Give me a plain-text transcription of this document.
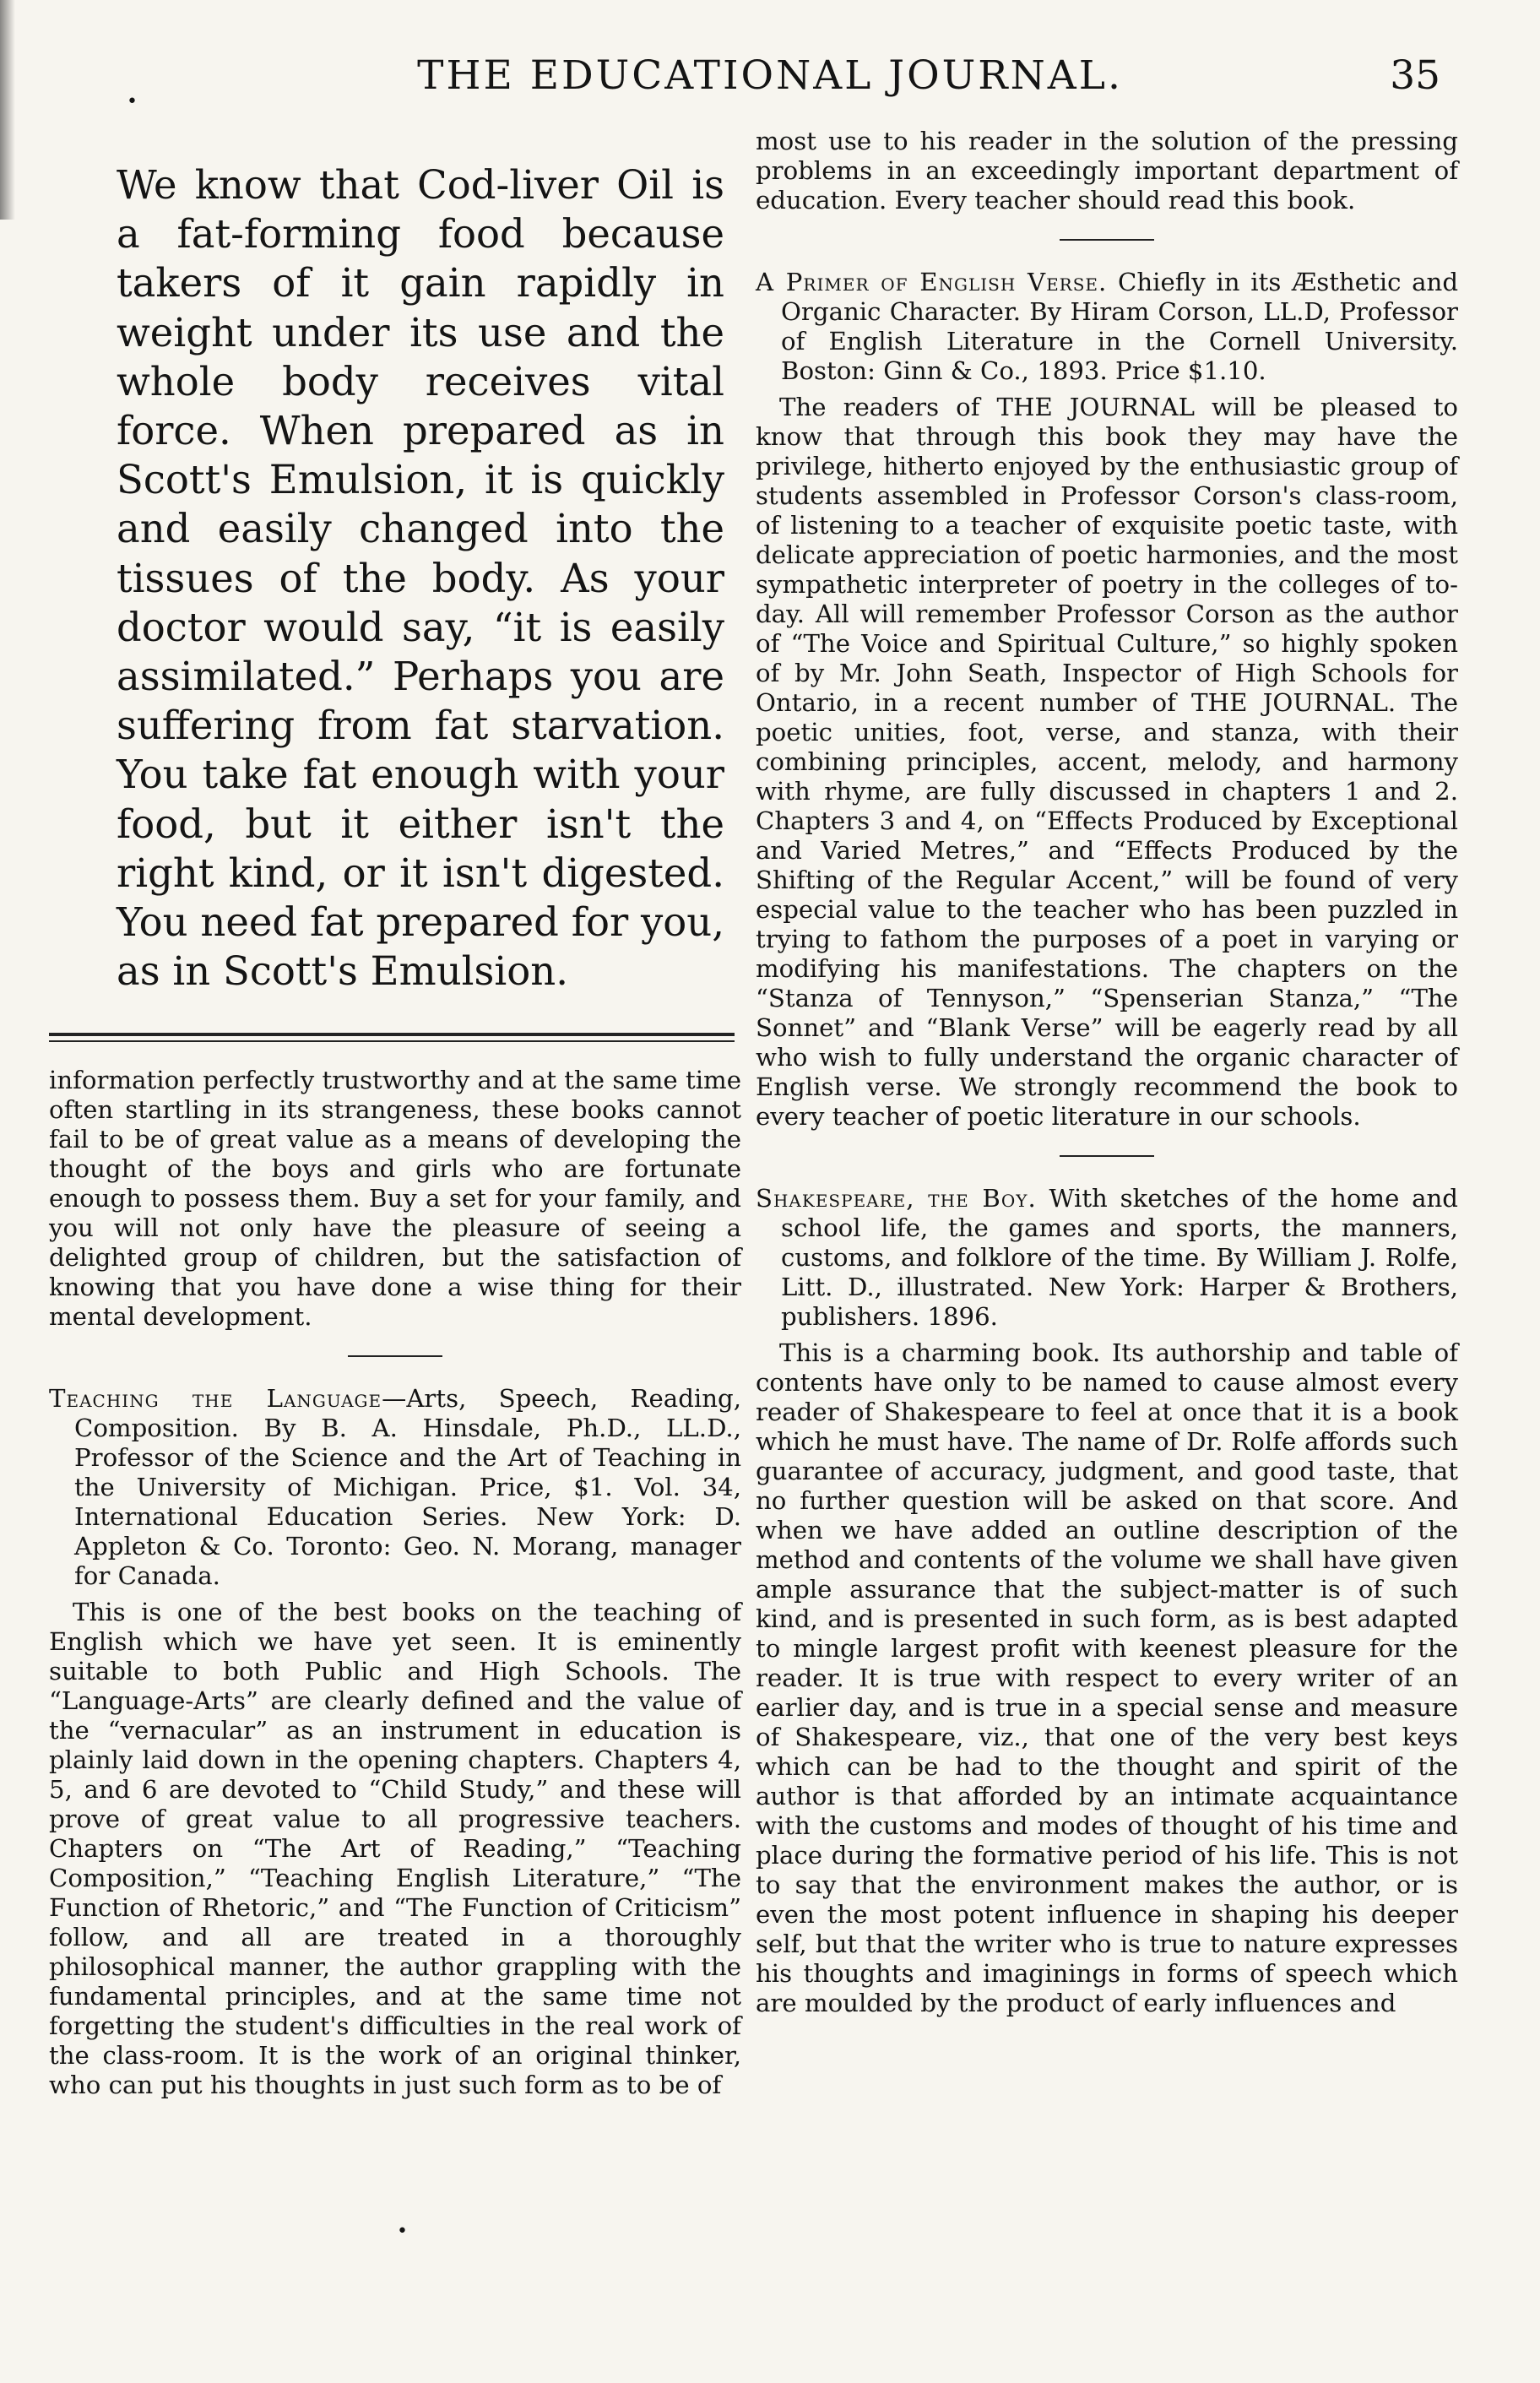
THE EDUCATIONAL JOURNAL.	35
•
•

We know that Cod-liver Oil is a fat-forming food because takers of it gain rapidly in weight under its use and the whole body receives vital force. When prepared as in Scott's Emulsion, it is quickly and easily changed into the tissues of the body. As your doctor would say, “it is easily assimilated.” Perhaps you are suffering from fat starvation. You take fat enough with your food, but it either isn't the right kind, or it isn't digested. You need fat prepared for you, as in Scott's Emulsion.

information perfectly trustworthy and at the same time often startling in its strangeness, these books cannot fail to be of great value as a means of developing the thought of the boys and girls who are fortunate enough to possess them. Buy a set for your family, and you will not only have the pleasure of seeing a delighted group of children, but the satisfaction of knowing that you have done a wise thing for their mental development.

Teaching the Language—Arts, Speech, Reading, Composition. By B. A. Hinsdale, Ph.D., LL.D., Professor of the Science and the Art of Teaching in the University of Michigan. Price, $1. Vol. 34, International Education Series. New York: D. Appleton & Co. Toronto: Geo. N. Morang, manager for Canada.

This is one of the best books on the teaching of English which we have yet seen. It is eminently suitable to both Public and High Schools. The “Language-Arts” are clearly defined and the value of the “vernacular” as an instrument in education is plainly laid down in the opening chapters. Chapters 4, 5, and 6 are devoted to “Child Study,” and these will prove of great value to all progressive teachers. Chapters on “The Art of Reading,” “Teaching Composition,” “Teaching English Literature,” “The Function of Rhetoric,” and “The Function of Criticism” follow, and all are treated in a thoroughly philosophical manner, the author grappling with the fundamental principles, and at the same time not forgetting the student's difficulties in the real work of the class-room. It is the work of an original thinker, who can put his thoughts in just such form as to be of

most use to his reader in the solution of the pressing problems in an exceedingly important department of education. Every teacher should read this book.

A Primer of English Verse. Chiefly in its Æsthetic and Organic Character. By Hiram Corson, LL.D, Professor of English Literature in the Cornell University. Boston: Ginn & Co., 1893. Price $1.10.

The readers of THE JOURNAL will be pleased to know that through this book they may have the privilege, hitherto enjoyed by the enthusiastic group of students assembled in Professor Corson's class-room, of listening to a teacher of exquisite poetic taste, with delicate appreciation of poetic harmonies, and the most sympathetic interpreter of poetry in the colleges of to-day. All will remember Professor Corson as the author of “The Voice and Spiritual Culture,” so highly spoken of by Mr. John Seath, Inspector of High Schools for Ontario, in a recent number of THE JOURNAL. The poetic unities, foot, verse, and stanza, with their combining principles, accent, melody, and harmony with rhyme, are fully discussed in chapters 1 and 2. Chapters 3 and 4, on “Effects Produced by Exceptional and Varied Metres,” and “Effects Produced by the Shifting of the Regular Accent,” will be found of very especial value to the teacher who has been puzzled in trying to fathom the purposes of a poet in varying or modifying his manifestations. The chapters on the “Stanza of Tennyson,” “Spenserian Stanza,” “The Sonnet” and “Blank Verse” will be eagerly read by all who wish to fully understand the organic character of English verse. We strongly recommend the book to every teacher of poetic literature in our schools.

Shakespeare, the Boy. With sketches of the home and school life, the games and sports, the manners, customs, and folklore of the time. By William J. Rolfe, Litt. D., illustrated. New York: Harper & Brothers, publishers. 1896.

This is a charming book. Its authorship and table of contents have only to be named to cause almost every reader of Shakespeare to feel at once that it is a book which he must have. The name of Dr. Rolfe affords such guarantee of accuracy, judgment, and good taste, that no further question will be asked on that score. And when we have added an outline description of the method and contents of the volume we shall have given ample assurance that the subject-matter is of such kind, and is presented in such form, as is best adapted to mingle largest profit with keenest pleasure for the reader. It is true with respect to every writer of an earlier day, and is true in a special sense and measure of Shakespeare, viz., that one of the very best keys which can be had to the thought and spirit of the author is that afforded by an intimate acquaintance with the customs and modes of thought of his time and place during the formative period of his life. This is not to say that the environment makes the author, or is even the most potent influence in shaping his deeper self, but that the writer who is true to nature expresses his thoughts and imaginings in forms of speech which are moulded by the product of early influences and
